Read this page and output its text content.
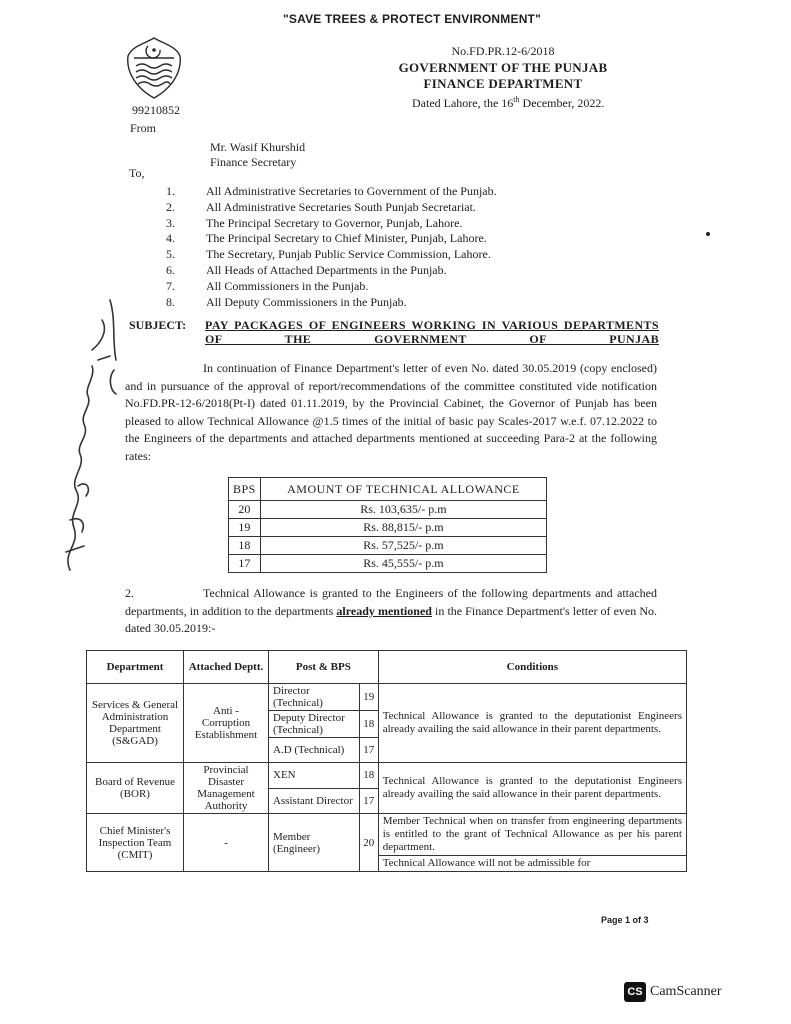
"SAVE TREES & PROTECT ENVIRONMENT"
99210852
From
No.FD.PR.12-6/2018
GOVERNMENT OF THE PUNJAB
FINANCE DEPARTMENT
Dated Lahore, the 16th December, 2022.
Mr. Wasif Khurshid
Finance Secretary
To,
1.	All Administrative Secretaries to Government of the Punjab.
2.	All Administrative Secretaries South Punjab Secretariat.
3.	The Principal Secretary to Governor, Punjab, Lahore.
4.	The Principal Secretary to Chief Minister, Punjab, Lahore.
5.	The Secretary, Punjab Public Service Commission, Lahore.
6.	All Heads of Attached Departments in the Punjab.
7.	All Commissioners in the Punjab.
8.	All Deputy Commissioners in the Punjab.
SUBJECT: PAY PACKAGES OF ENGINEERS WORKING IN VARIOUS DEPARTMENTS OF THE GOVERNMENT OF PUNJAB

In continuation of Finance Department's letter of even No. dated 30.05.2019 (copy enclosed) and in pursuance of the approval of report/recommendations of the committee constituted vide notification No.FD.PR-12-6/2018(Pt-I) dated 01.11.2019, by the Provincial Cabinet, the Governor of Punjab has been pleased to allow Technical Allowance @1.5 times of the initial of basic pay Scales-2017 w.e.f. 07.12.2022 to the Engineers of the departments and attached departments mentioned at succeeding Para-2 at the following rates:

BPS	AMOUNT OF TECHNICAL ALLOWANCE
20	Rs. 103,635/- p.m
19	Rs. 88,815/- p.m
18	Rs. 57,525/- p.m
17	Rs. 45,555/- p.m

2.	Technical Allowance is granted to the Engineers of the following departments and attached departments, in addition to the departments already mentioned in the Finance Department's letter of even No. dated 30.05.2019:-

Department	Attached Deptt.	Post & BPS		Conditions
Services & General Administration Department (S&GAD)	Anti - Corruption Establishment	Director (Technical)	19	Technical Allowance is granted to the deputationist Engineers already availing the said allowance in their parent departments.
		Deputy Director (Technical)	18	
		A.D (Technical)	17	
Board of Revenue (BOR)	Provincial Disaster Management Authority	XEN	18	Technical Allowance is granted to the deputationist Engineers already availing the said allowance in their parent departments.
		Assistant Director	17	
Chief Minister's Inspection Team (CMIT)	-	Member (Engineer)	20	Member Technical when on transfer from engineering departments is entitled to the grant of Technical Allowance as per his parent department.
				Technical Allowance will not be admissible for
Page 1 of 3
CS CamScanner
